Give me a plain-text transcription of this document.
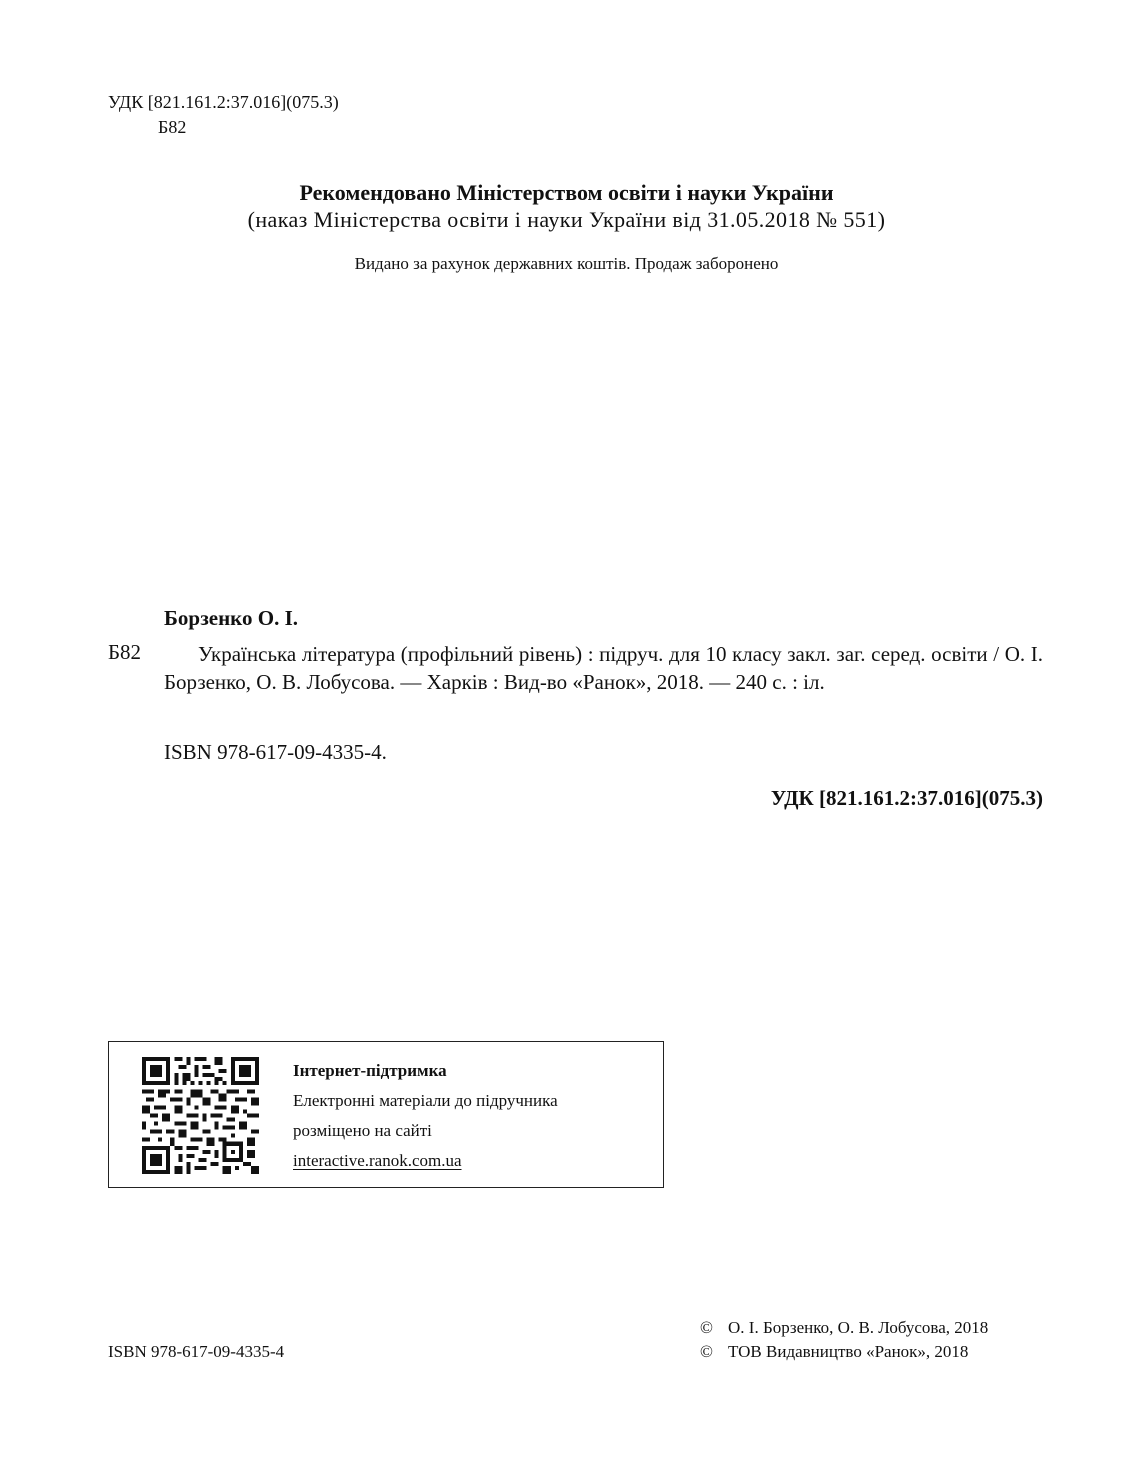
УДК [821.161.2:37.016](075.3)
Б82
Рекомендовано Міністерством освіти і науки України
(наказ Міністерства освіти і науки України від 31.05.2018 № 551)
Видано за рахунок державних коштів. Продаж заборонено
Борзенко О. І.
Б82	Українська література (профільний рівень) : підруч. для 10 класу закл. заг. серед. освіти / О. І. Борзенко, О. В. Лобусова. — Харків : Вид-во «Ранок», 2018. — 240 с. : іл.
ISBN 978-617-09-4335-4.
УДК [821.161.2:37.016](075.3)
Інтернет-підтримка
Електронні матеріали до підручника
розміщено на сайті
interactive.ranok.com.ua
ISBN 978-617-09-4335-4
© О. І. Борзенко, О. В. Лобусова, 2018
© ТОВ Видавництво «Ранок», 2018
